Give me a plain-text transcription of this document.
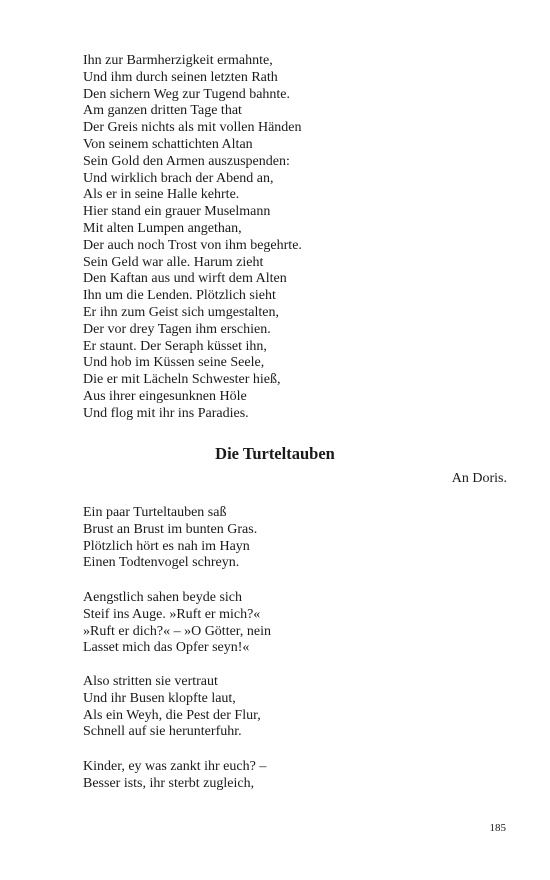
Ihn zur Barmherzigkeit ermahnte,
Und ihm durch seinen letzten Rath
Den sichern Weg zur Tugend bahnte.
Am ganzen dritten Tage that
Der Greis nichts als mit vollen Händen
Von seinem schattichten Altan
Sein Gold den Armen auszuspenden:
Und wirklich brach der Abend an,
Als er in seine Halle kehrte.
Hier stand ein grauer Muselmann
Mit alten Lumpen angethan,
Der auch noch Trost von ihm begehrte.
Sein Geld war alle. Harum zieht
Den Kaftan aus und wirft dem Alten
Ihn um die Lenden. Plötzlich sieht
Er ihn zum Geist sich umgestalten,
Der vor drey Tagen ihm erschien.
Er staunt. Der Seraph küsset ihn,
Und hob im Küssen seine Seele,
Die er mit Lächeln Schwester hieß,
Aus ihrer eingesunknen Höle
Und flog mit ihr ins Paradies.
Die Turteltauben
An Doris.
Ein paar Turteltauben saß
Brust an Brust im bunten Gras.
Plötzlich hört es nah im Hayn
Einen Todtenvogel schreyn.
Aengstlich sahen beyde sich
Steif ins Auge. »Ruft er mich?«
»Ruft er dich?« – »O Götter, nein
Lasset mich das Opfer seyn!«
Also stritten sie vertraut
Und ihr Busen klopfte laut,
Als ein Weyh, die Pest der Flur,
Schnell auf sie herunterfuhr.
Kinder, ey was zankt ihr euch? –
Besser ists, ihr sterbt zugleich,
185
